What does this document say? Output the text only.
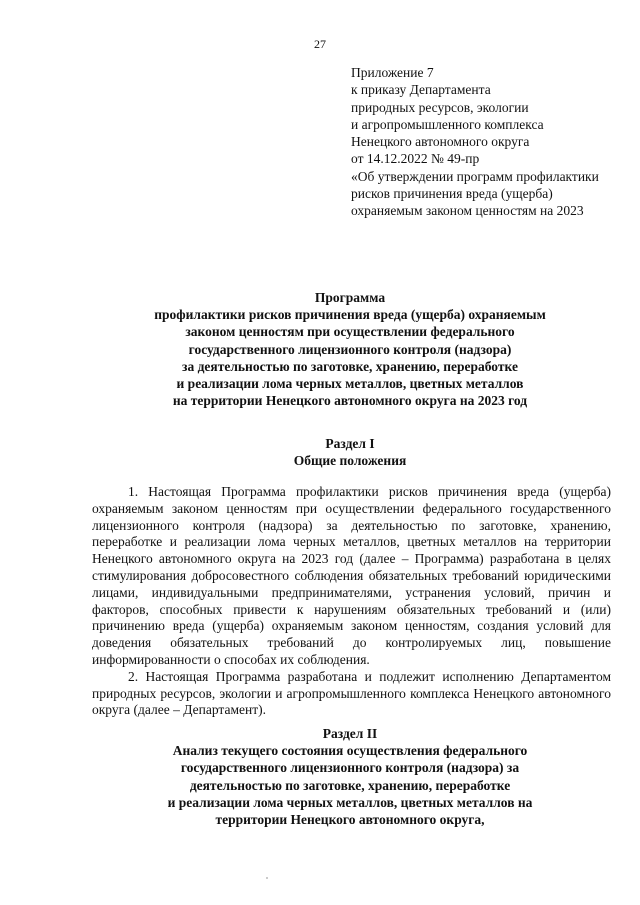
27
Приложение 7
к приказу Департамента
природных ресурсов, экологии
и агропромышленного комплекса
Ненецкого автономного округа
от 14.12.2022 № 49-пр
«Об утверждении программ профилактики
рисков причинения вреда (ущерба)
охраняемым законом ценностям на 2023
Программа
профилактики рисков причинения вреда (ущерба) охраняемым
законом ценностям при осуществлении федерального
государственного лицензионного контроля (надзора)
за деятельностью по заготовке, хранению, переработке
и реализации лома черных металлов, цветных металлов
на территории Ненецкого автономного округа на 2023 год
Раздел I
Общие положения

1. Настоящая Программа профилактики рисков причинения вреда (ущерба) охраняемым законом ценностям при осуществлении федерального государственного лицензионного контроля (надзора) за деятельностью по заготовке, хранению, переработке и реализации лома черных металлов, цветных металлов на территории Ненецкого автономного округа на 2023 год (далее – Программа) разработана в целях стимулирования добросовестного соблюдения обязательных требований юридическими лицами, индивидуальными предпринимателями, устранения условий, причин и факторов, способных привести к нарушениям обязательных требований и (или) причинению вреда (ущерба) охраняемым законом ценностям, создания условий для доведения обязательных требований до контролируемых лиц, повышение информированности о способах их соблюдения.

2. Настоящая Программа разработана и подлежит исполнению Департаментом природных ресурсов, экологии и агропромышленного комплекса Ненецкого автономного округа (далее – Департамент).

Раздел II
Анализ текущего состояния осуществления федерального
государственного лицензионного контроля (надзора) за
деятельностью по заготовке, хранению, переработке
и реализации лома черных металлов, цветных металлов на
территории Ненецкого автономного округа,
